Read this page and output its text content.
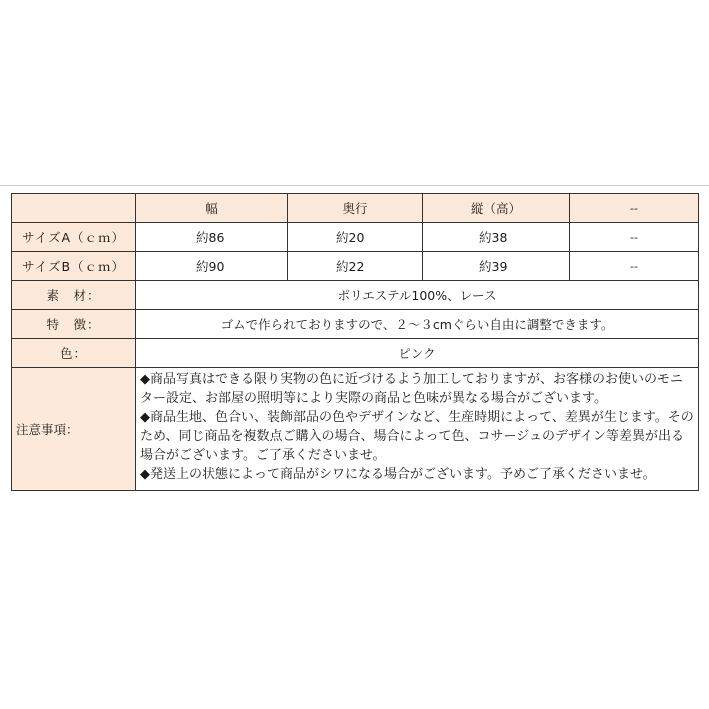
	幅	奥行	縦（高）	--
サイズA（ｃｍ）	約86	約20	約38	--
サイズB（ｃｍ）	約90	約22	約39	--
素　材：	ポリエステル100%、レース			
特　徴：	ゴムで作られておりますので、２～３cmぐらい自由に調整できます。			
色：	ピンク			
注意事項：	◆商品写真はできる限り実物の色に近づけるよう加工しておりますが、お客様のお使いのモニター設定、お部屋の照明等により実際の商品と色味が異なる場合がございます。
◆商品生地、色合い、装飾部品の色やデザインなど、生産時期によって、差異が生じます。そのため、同じ商品を複数点ご購入の場合、場合によって色、コサージュのデザイン等差異が出る場合がございます。ご了承くださいませ。
◆発送上の状態によって商品がシワになる場合がございます。予めご了承くださいませ。			
